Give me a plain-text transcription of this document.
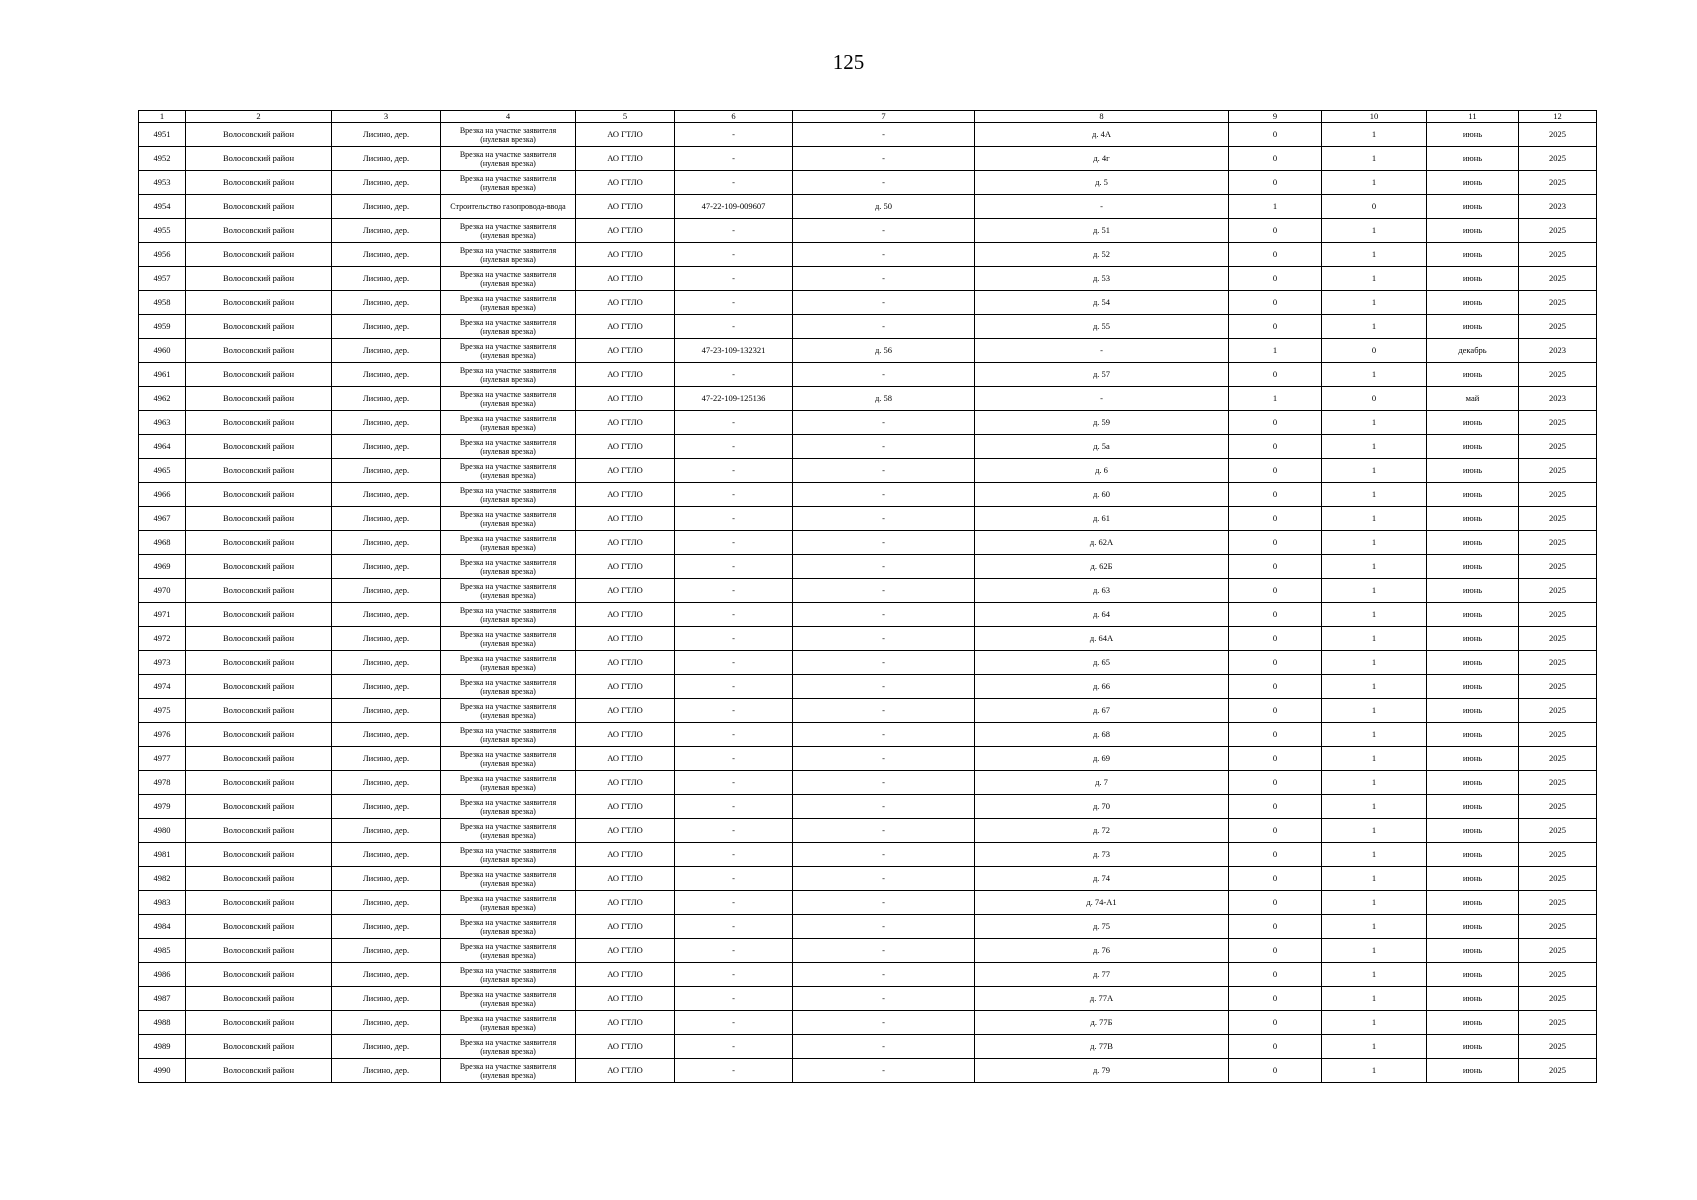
125
1	2	3	4	5	6	7	8	9	10	11	12
4951	Волосовский район	Лисино, дер.	Врезка на участке заявителя
(нулевая врезка)	АО ГТЛО	-	-	д. 4А	0	1	июнь	2025
4952	Волосовский район	Лисино, дер.	Врезка на участке заявителя
(нулевая врезка)	АО ГТЛО	-	-	д. 4г	0	1	июнь	2025
4953	Волосовский район	Лисино, дер.	Врезка на участке заявителя
(нулевая врезка)	АО ГТЛО	-	-	д. 5	0	1	июнь	2025
4954	Волосовский район	Лисино, дер.	Строительство газопровода-ввода	АО ГТЛО	47-22-109-009607	д. 50	-	1	0	июнь	2023
4955	Волосовский район	Лисино, дер.	Врезка на участке заявителя
(нулевая врезка)	АО ГТЛО	-	-	д. 51	0	1	июнь	2025
4956	Волосовский район	Лисино, дер.	Врезка на участке заявителя
(нулевая врезка)	АО ГТЛО	-	-	д. 52	0	1	июнь	2025
4957	Волосовский район	Лисино, дер.	Врезка на участке заявителя
(нулевая врезка)	АО ГТЛО	-	-	д. 53	0	1	июнь	2025
4958	Волосовский район	Лисино, дер.	Врезка на участке заявителя
(нулевая врезка)	АО ГТЛО	-	-	д. 54	0	1	июнь	2025
4959	Волосовский район	Лисино, дер.	Врезка на участке заявителя
(нулевая врезка)	АО ГТЛО	-	-	д. 55	0	1	июнь	2025
4960	Волосовский район	Лисино, дер.	Врезка на участке заявителя
(нулевая врезка)	АО ГТЛО	47-23-109-132321	д. 56	-	1	0	декабрь	2023
4961	Волосовский район	Лисино, дер.	Врезка на участке заявителя
(нулевая врезка)	АО ГТЛО	-	-	д. 57	0	1	июнь	2025
4962	Волосовский район	Лисино, дер.	Врезка на участке заявителя
(нулевая врезка)	АО ГТЛО	47-22-109-125136	д. 58	-	1	0	май	2023
4963	Волосовский район	Лисино, дер.	Врезка на участке заявителя
(нулевая врезка)	АО ГТЛО	-	-	д. 59	0	1	июнь	2025
4964	Волосовский район	Лисино, дер.	Врезка на участке заявителя
(нулевая врезка)	АО ГТЛО	-	-	д. 5а	0	1	июнь	2025
4965	Волосовский район	Лисино, дер.	Врезка на участке заявителя
(нулевая врезка)	АО ГТЛО	-	-	д. 6	0	1	июнь	2025
4966	Волосовский район	Лисино, дер.	Врезка на участке заявителя
(нулевая врезка)	АО ГТЛО	-	-	д. 60	0	1	июнь	2025
4967	Волосовский район	Лисино, дер.	Врезка на участке заявителя
(нулевая врезка)	АО ГТЛО	-	-	д. 61	0	1	июнь	2025
4968	Волосовский район	Лисино, дер.	Врезка на участке заявителя
(нулевая врезка)	АО ГТЛО	-	-	д. 62А	0	1	июнь	2025
4969	Волосовский район	Лисино, дер.	Врезка на участке заявителя
(нулевая врезка)	АО ГТЛО	-	-	д. 62Б	0	1	июнь	2025
4970	Волосовский район	Лисино, дер.	Врезка на участке заявителя
(нулевая врезка)	АО ГТЛО	-	-	д. 63	0	1	июнь	2025
4971	Волосовский район	Лисино, дер.	Врезка на участке заявителя
(нулевая врезка)	АО ГТЛО	-	-	д. 64	0	1	июнь	2025
4972	Волосовский район	Лисино, дер.	Врезка на участке заявителя
(нулевая врезка)	АО ГТЛО	-	-	д. 64А	0	1	июнь	2025
4973	Волосовский район	Лисино, дер.	Врезка на участке заявителя
(нулевая врезка)	АО ГТЛО	-	-	д. 65	0	1	июнь	2025
4974	Волосовский район	Лисино, дер.	Врезка на участке заявителя
(нулевая врезка)	АО ГТЛО	-	-	д. 66	0	1	июнь	2025
4975	Волосовский район	Лисино, дер.	Врезка на участке заявителя
(нулевая врезка)	АО ГТЛО	-	-	д. 67	0	1	июнь	2025
4976	Волосовский район	Лисино, дер.	Врезка на участке заявителя
(нулевая врезка)	АО ГТЛО	-	-	д. 68	0	1	июнь	2025
4977	Волосовский район	Лисино, дер.	Врезка на участке заявителя
(нулевая врезка)	АО ГТЛО	-	-	д. 69	0	1	июнь	2025
4978	Волосовский район	Лисино, дер.	Врезка на участке заявителя
(нулевая врезка)	АО ГТЛО	-	-	д. 7	0	1	июнь	2025
4979	Волосовский район	Лисино, дер.	Врезка на участке заявителя
(нулевая врезка)	АО ГТЛО	-	-	д. 70	0	1	июнь	2025
4980	Волосовский район	Лисино, дер.	Врезка на участке заявителя
(нулевая врезка)	АО ГТЛО	-	-	д. 72	0	1	июнь	2025
4981	Волосовский район	Лисино, дер.	Врезка на участке заявителя
(нулевая врезка)	АО ГТЛО	-	-	д. 73	0	1	июнь	2025
4982	Волосовский район	Лисино, дер.	Врезка на участке заявителя
(нулевая врезка)	АО ГТЛО	-	-	д. 74	0	1	июнь	2025
4983	Волосовский район	Лисино, дер.	Врезка на участке заявителя
(нулевая врезка)	АО ГТЛО	-	-	д. 74-А1	0	1	июнь	2025
4984	Волосовский район	Лисино, дер.	Врезка на участке заявителя
(нулевая врезка)	АО ГТЛО	-	-	д. 75	0	1	июнь	2025
4985	Волосовский район	Лисино, дер.	Врезка на участке заявителя
(нулевая врезка)	АО ГТЛО	-	-	д. 76	0	1	июнь	2025
4986	Волосовский район	Лисино, дер.	Врезка на участке заявителя
(нулевая врезка)	АО ГТЛО	-	-	д. 77	0	1	июнь	2025
4987	Волосовский район	Лисино, дер.	Врезка на участке заявителя
(нулевая врезка)	АО ГТЛО	-	-	д. 77А	0	1	июнь	2025
4988	Волосовский район	Лисино, дер.	Врезка на участке заявителя
(нулевая врезка)	АО ГТЛО	-	-	д. 77Б	0	1	июнь	2025
4989	Волосовский район	Лисино, дер.	Врезка на участке заявителя
(нулевая врезка)	АО ГТЛО	-	-	д. 77В	0	1	июнь	2025
4990	Волосовский район	Лисино, дер.	Врезка на участке заявителя
(нулевая врезка)	АО ГТЛО	-	-	д. 79	0	1	июнь	2025
